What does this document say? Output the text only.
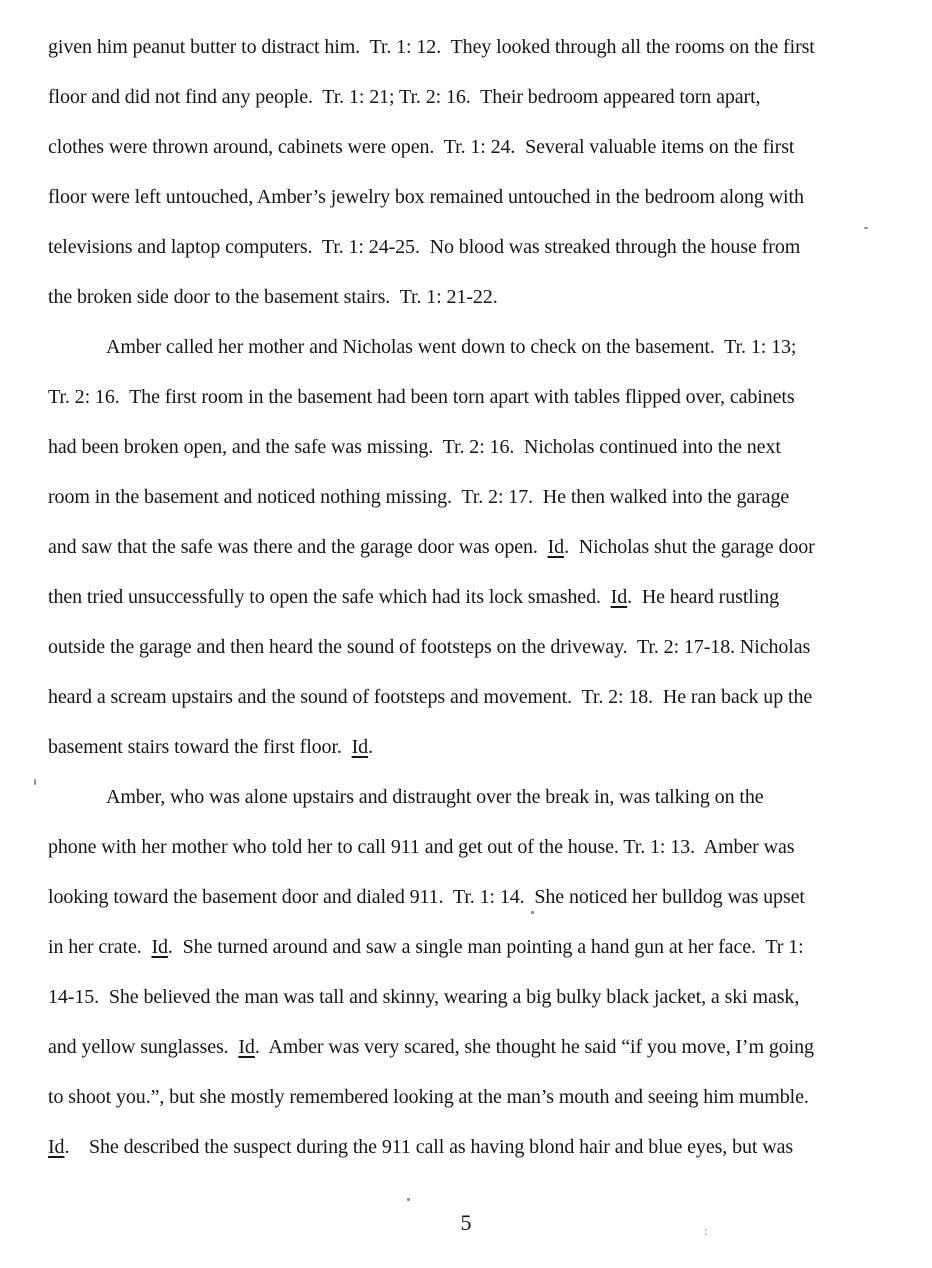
given him peanut butter to distract him.  Tr. 1: 12.  They looked through all the rooms on the first
floor and did not find any people.  Tr. 1: 21; Tr. 2: 16.  Their bedroom appeared torn apart,
clothes were thrown around, cabinets were open.  Tr. 1: 24.  Several valuable items on the first
floor were left untouched, Amber’s jewelry box remained untouched in the bedroom along with
televisions and laptop computers.  Tr. 1: 24-25.  No blood was streaked through the house from
the broken side door to the basement stairs.  Tr. 1: 21-22.
Amber called her mother and Nicholas went down to check on the basement.  Tr. 1: 13;
Tr. 2: 16.  The first room in the basement had been torn apart with tables flipped over, cabinets
had been broken open, and the safe was missing.  Tr. 2: 16.  Nicholas continued into the next
room in the basement and noticed nothing missing.  Tr. 2: 17.  He then walked into the garage
and saw that the safe was there and the garage door was open.  Id.  Nicholas shut the garage door
then tried unsuccessfully to open the safe which had its lock smashed.  Id.  He heard rustling
outside the garage and then heard the sound of footsteps on the driveway.  Tr. 2: 17-18. Nicholas
heard a scream upstairs and the sound of footsteps and movement.  Tr. 2: 18.  He ran back up the
basement stairs toward the first floor.  Id.
Amber, who was alone upstairs and distraught over the break in, was talking on the
phone with her mother who told her to call 911 and get out of the house. Tr. 1: 13.  Amber was
looking toward the basement door and dialed 911.  Tr. 1: 14.  She noticed her bulldog was upset
in her crate.  Id.  She turned around and saw a single man pointing a hand gun at her face.  Tr 1:
14-15.  She believed the man was tall and skinny, wearing a big bulky black jacket, a ski mask,
and yellow sunglasses.  Id.  Amber was very scared, she thought he said “if you move, I’m going
to shoot you.”, but she mostly remembered looking at the man’s mouth and seeing him mumble.
Id.    She described the suspect during the 911 call as having blond hair and blue eyes, but was
5	:
